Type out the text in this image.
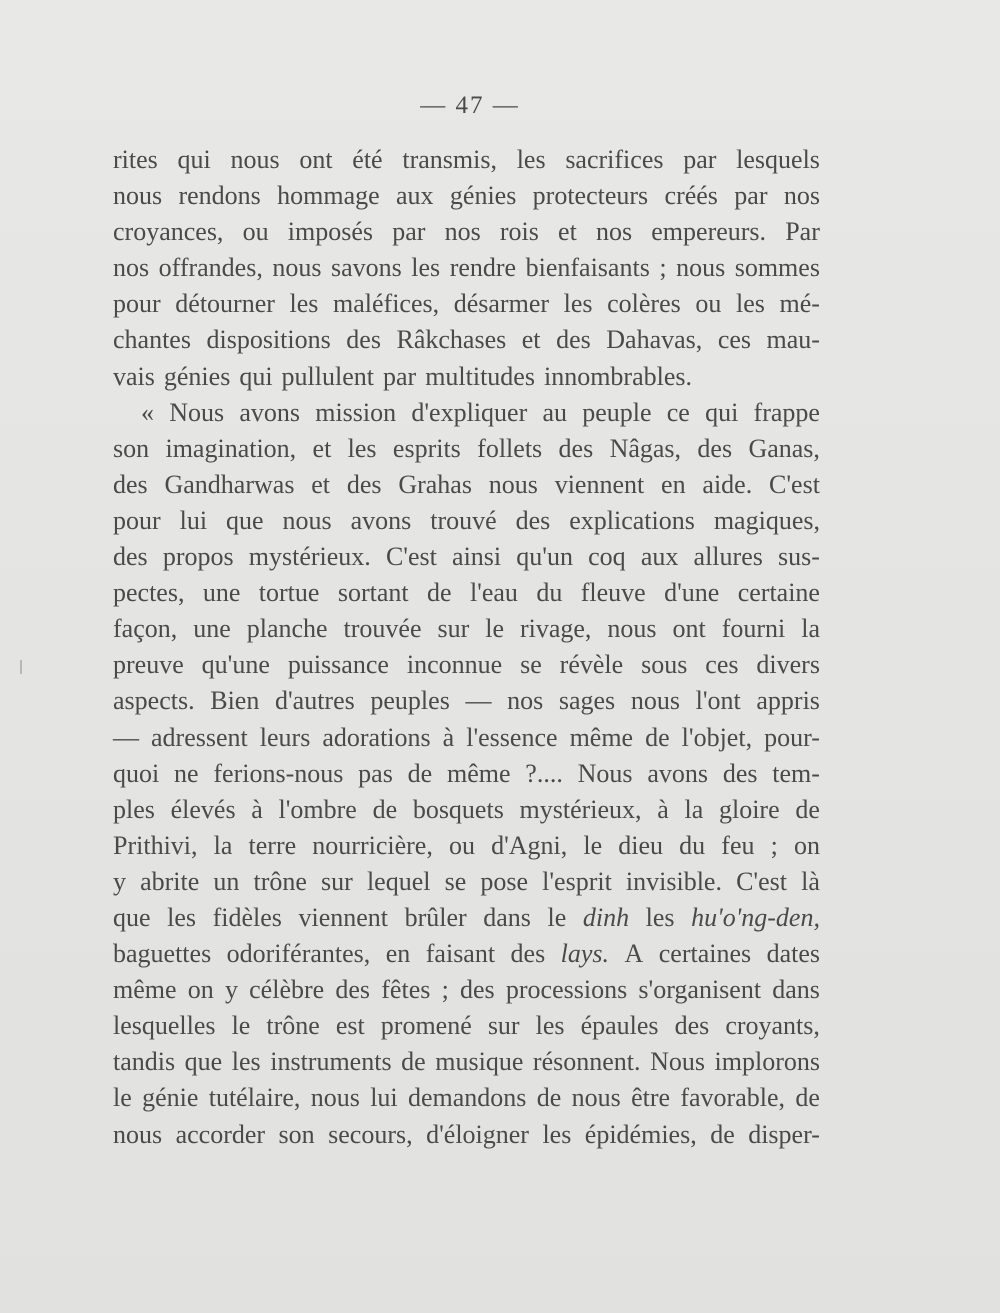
— 47 —
rites qui nous ont été transmis, les sacrifices par lesquels
nous rendons hommage aux génies protecteurs créés par nos
croyances, ou imposés par nos rois et nos empereurs. Par
nos offrandes, nous savons les rendre bienfaisants ; nous sommes
pour détourner les maléfices, désarmer les colères ou les mé-
chantes dispositions des Râkchases et des Dahavas, ces mau-
vais génies qui pullulent par multitudes innombrables.
« Nous avons mission d'expliquer au peuple ce qui frappe
son imagination, et les esprits follets des Nâgas, des Ganas,
des Gandharwas et des Grahas nous viennent en aide. C'est
pour lui que nous avons trouvé des explications magiques,
des propos mystérieux. C'est ainsi qu'un coq aux allures sus-
pectes, une tortue sortant de l'eau du fleuve d'une certaine
façon, une planche trouvée sur le rivage, nous ont fourni la
preuve qu'une puissance inconnue se révèle sous ces divers
aspects. Bien d'autres peuples — nos sages nous l'ont appris
— adressent leurs adorations à l'essence même de l'objet, pour-
quoi ne ferions-nous pas de même ?.... Nous avons des tem-
ples élevés à l'ombre de bosquets mystérieux, à la gloire de
Prithivi, la terre nourricière, ou d'Agni, le dieu du feu ; on
y abrite un trône sur lequel se pose l'esprit invisible. C'est là
que les fidèles viennent brûler dans le dinh les hu'o'ng-den,
baguettes odoriférantes, en faisant des lays. A certaines dates
même on y célèbre des fêtes ; des processions s'organisent dans
lesquelles le trône est promené sur les épaules des croyants,
tandis que les instruments de musique résonnent. Nous implorons
le génie tutélaire, nous lui demandons de nous être favorable, de
nous accorder son secours, d'éloigner les épidémies, de disper-
